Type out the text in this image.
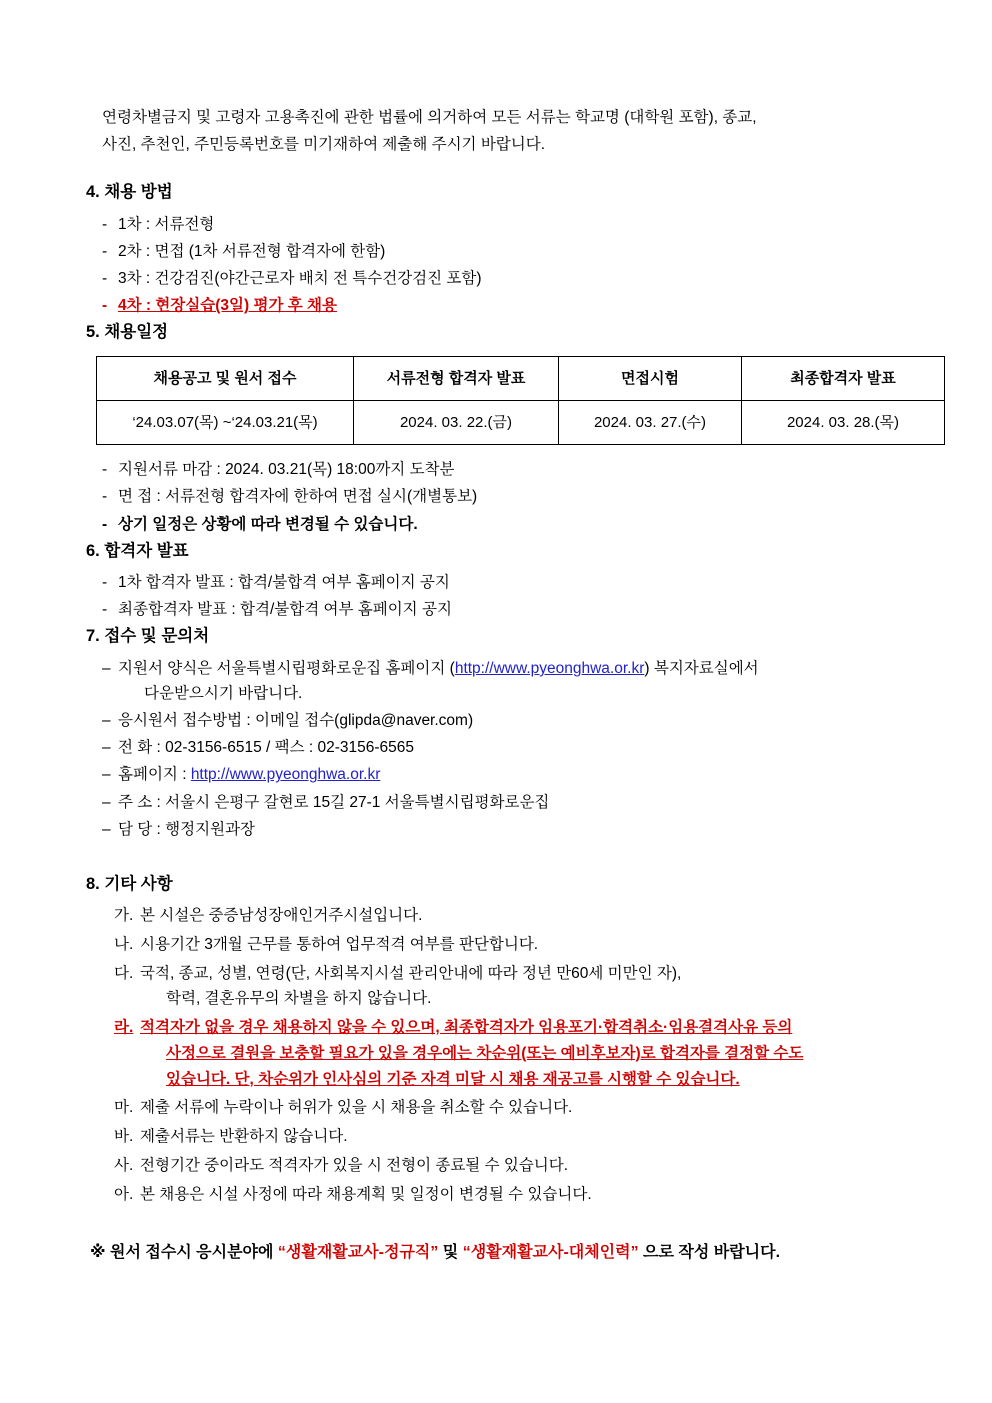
연령차별금지 및 고령자 고용촉진에 관한 법률에 의거하여 모든 서류는 학교명 (대학원 포함), 종교,
사진, 추천인, 주민등록번호를 미기재하여 제출해 주시기 바랍니다.
4. 채용 방법
- 1차 : 서류전형
- 2차 : 면접 (1차 서류전형 합격자에 한함)
- 3차 : 건강검진(야간근로자 배치 전 특수건강검진 포함)
- 4차 : 현장실습(3일) 평가 후 채용
5. 채용일정
채용공고 및 원서 접수	서류전형 합격자 발표	면접시험	최종합격자 발표
‘24.03.07(목) ~‘24.03.21(목)	2024. 03. 22.(금)	2024. 03. 27.(수)	2024. 03. 28.(목)
- 지원서류 마감 : 2024. 03.21(목) 18:00까지 도착분
- 면 접 : 서류전형 합격자에 한하여 면접 실시(개별통보)
- 상기 일정은 상황에 따라 변경될 수 있습니다.
6. 합격자 발표
- 1차 합격자 발표 : 합격/불합격 여부 홈페이지 공지
- 최종합격자 발표 : 합격/불합격 여부 홈페이지 공지
7. 접수 및 문의처
– 지원서 양식은 서울특별시립평화로운집 홈페이지 (http://www.pyeonghwa.or.kr) 복지자료실에서
다운받으시기 바랍니다.
– 응시원서 접수방법 : 이메일 접수(glipda@naver.com)
– 전 화 : 02-3156-6515 / 팩스 : 02-3156-6565
– 홈페이지 : http://www.pyeonghwa.or.kr
– 주 소 : 서울시 은평구 갈현로 15길 27-1 서울특별시립평화로운집
– 담 당 : 행정지원과장
8. 기타 사항
가. 본 시설은 중증남성장애인거주시설입니다.
나. 시용기간 3개월 근무를 통하여 업무적격 여부를 판단합니다.
다. 국적, 종교, 성별, 연령(단, 사회복지시설 관리안내에 따라 정년 만60세 미만인 자),
학력, 결혼유무의 차별을 하지 않습니다.
라. 적격자가 없을 경우 채용하지 않을 수 있으며, 최종합격자가 임용포기·합격취소·임용결격사유 등의
사정으로 결원을 보충할 필요가 있을 경우에는 차순위(또는 예비후보자)로 합격자를 결정할 수도
있습니다. 단, 차순위가 인사심의 기준 자격 미달 시 채용 재공고를 시행할 수 있습니다.
마. 제출 서류에 누락이나 허위가 있을 시 채용을 취소할 수 있습니다.
바. 제출서류는 반환하지 않습니다.
사. 전형기간 중이라도 적격자가 있을 시 전형이 종료될 수 있습니다.
아. 본 채용은 시설 사정에 따라 채용계획 및 일정이 변경될 수 있습니다.
※ 원서 접수시 응시분야에 “생활재활교사-정규직” 및 “생활재활교사-대체인력” 으로 작성 바랍니다.
